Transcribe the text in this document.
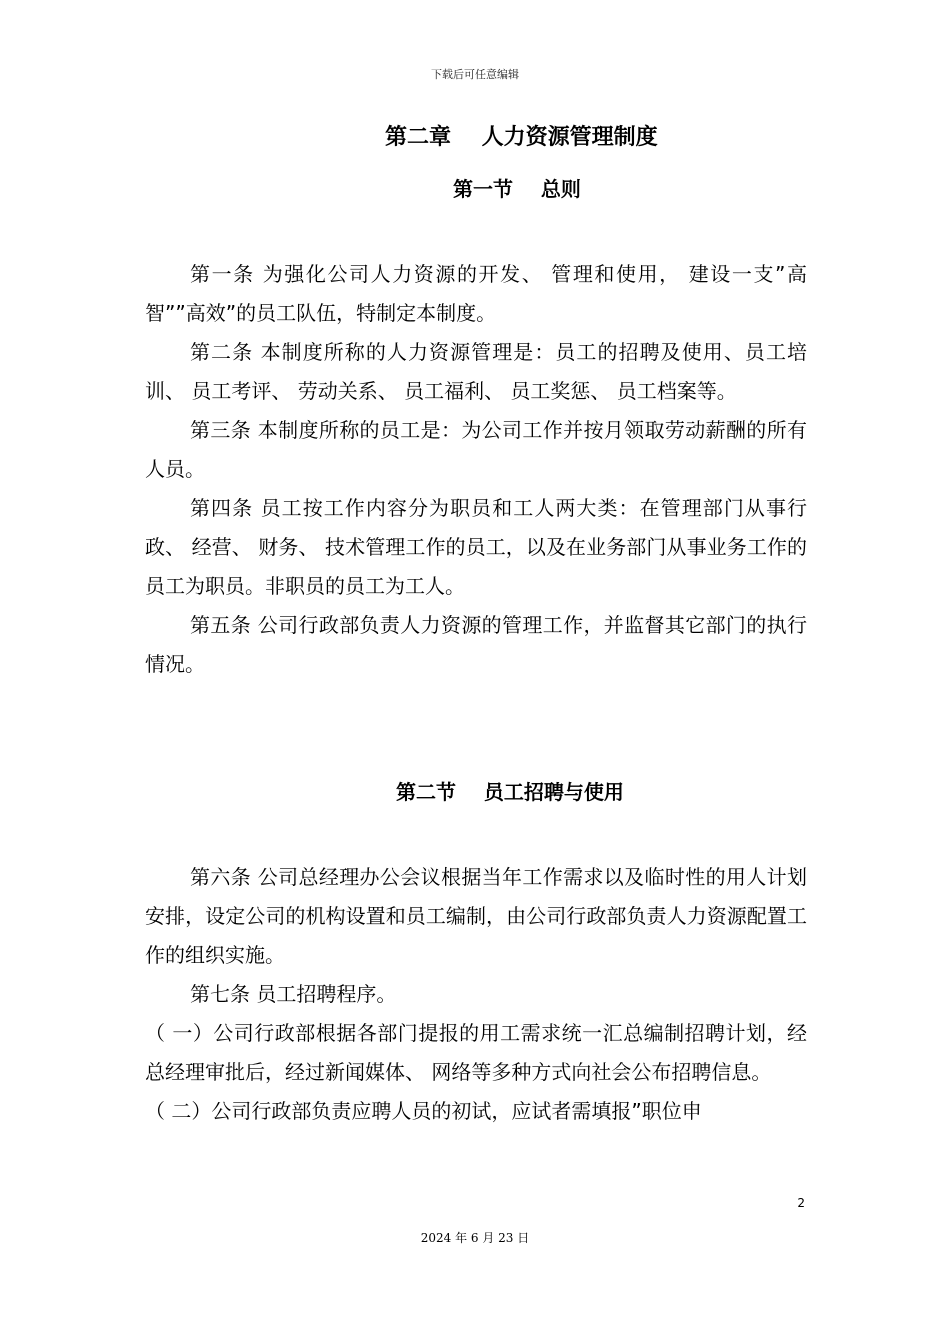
下载后可任意编辑
第二章    人力资源管理制度
第一节    总则

第一条 为强化公司人力资源的开发、 管理和使用， 建设一支”高智””高效”的员工队伍，特制定本制度。

第二条 本制度所称的人力资源管理是：员工的招聘及使用、员工培训、 员工考评、 劳动关系、 员工福利、 员工奖惩、 员工档案等。

第三条 本制度所称的员工是：为公司工作并按月领取劳动薪酬的所有人员。

第四条 员工按工作内容分为职员和工人两大类：在管理部门从事行政、 经营、 财务、 技术管理工作的员工，以及在业务部门从事业务工作的员工为职员。非职员的员工为工人。

第五条 公司行政部负责人力资源的管理工作，并监督其它部门的执行情况。

第二节    员工招聘与使用

第六条 公司总经理办公会议根据当年工作需求以及临时性的用人计划安排，设定公司的机构设置和员工编制，由公司行政部负责人力资源配置工作的组织实施。

第七条 员工招聘程序。

（ 一）公司行政部根据各部门提报的用工需求统一汇总编制招聘计划，经总经理审批后，经过新闻媒体、 网络等多种方式向社会公布招聘信息。

（ 二）公司行政部负责应聘人员的初试，应试者需填报”职位申

2
2024 年 6 月 23 日
